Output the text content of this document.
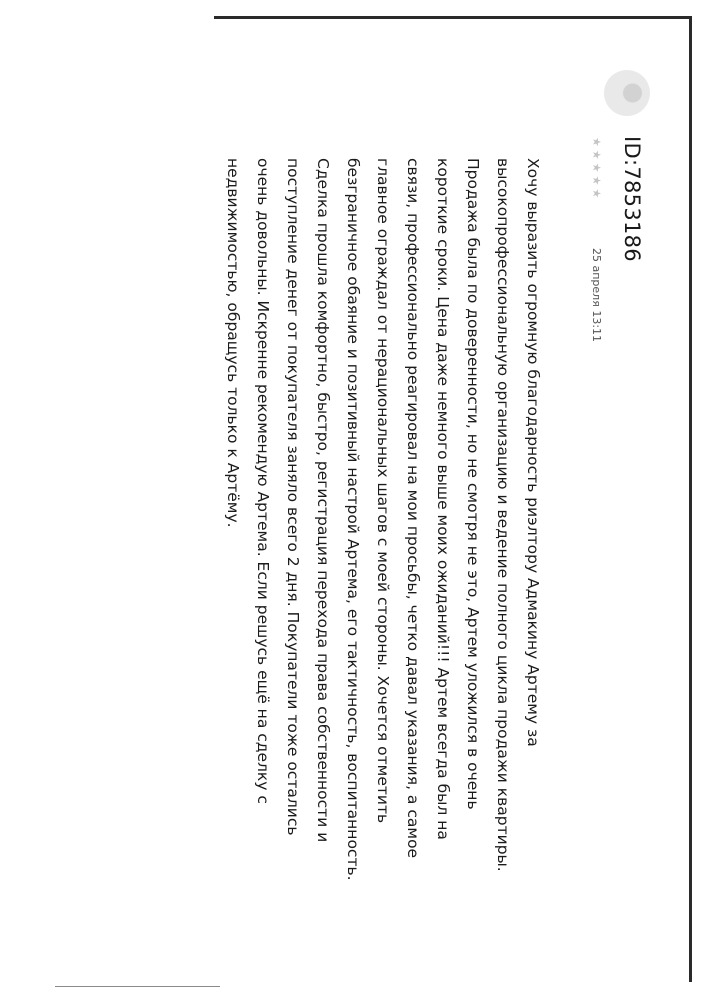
ID:7853186
★★★★★
25 апреля 13:11
Хочу выразить огромную благодарность риэлтору Адмакину Артему за
высокопрофессиональную организацию и ведение полного цикла продажи квартиры.
Продажа была по доверенности, но не смотря не это, Артем уложился в очень
короткие сроки. Цена даже немного выше моих ожиданий!!! Артем всегда был на
связи, профессионально реагировал на мои просьбы, четко давал указания, а самое
главное ограждал от нерациональных шагов с моей стороны. Хочется отметить
безграничное обаяние и позитивный настрой Артема, его тактичность, воспитанность.
Сделка прошла комфортно, быстро, регистрация перехода права собственности и
поступление денег от покупателя заняло всего 2 дня. Покупатели тоже остались
очень довольны. Искренне рекомендую Артема. Если решусь ещё на сделку с
недвижимостью, обращусь только к Артёму.
